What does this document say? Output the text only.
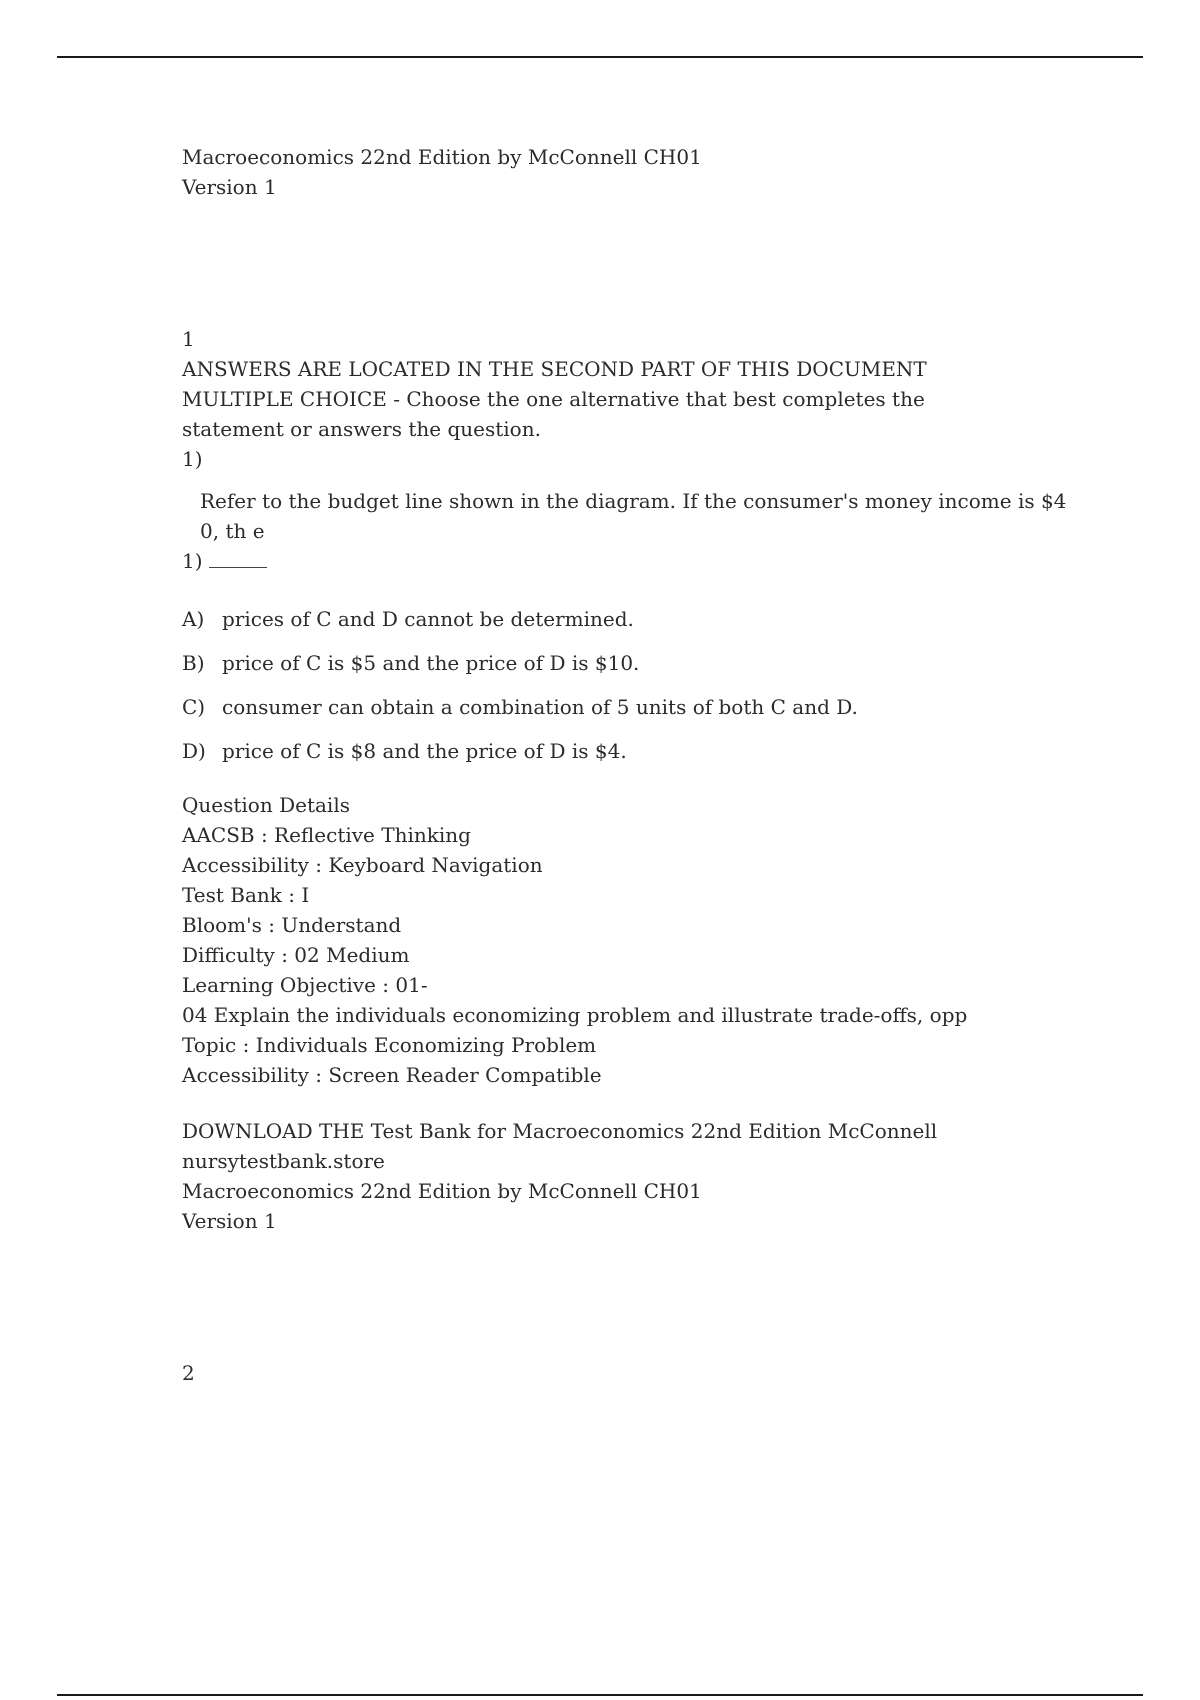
Macroeconomics 22nd Edition by McConnell CH01
Version 1
1
ANSWERS ARE LOCATED IN THE SECOND PART OF THIS DOCUMENT
MULTIPLE CHOICE - Choose the one alternative that best completes the statement or answers the question.
1)
Refer to the budget line shown in the diagram. If the consumer's money income is $40, th e
1)
A) prices of C and D cannot be determined.
B) price of C is $5 and the price of D is $10.
C) consumer can obtain a combination of 5 units of both C and D.
D) price of C is $8 and the price of D is $4.
Question Details
AACSB : Reflective Thinking
Accessibility : Keyboard Navigation
Test Bank : I
Bloom's : Understand
Difficulty : 02 Medium
Learning Objective : 01-
04 Explain the individuals economizing problem and illustrate trade-offs, opp
Topic : Individuals Economizing Problem
Accessibility : Screen Reader Compatible
DOWNLOAD THE Test Bank for Macroeconomics 22nd Edition McConnell
nursytestbank.store
Macroeconomics 22nd Edition by McConnell CH01
Version 1
2
